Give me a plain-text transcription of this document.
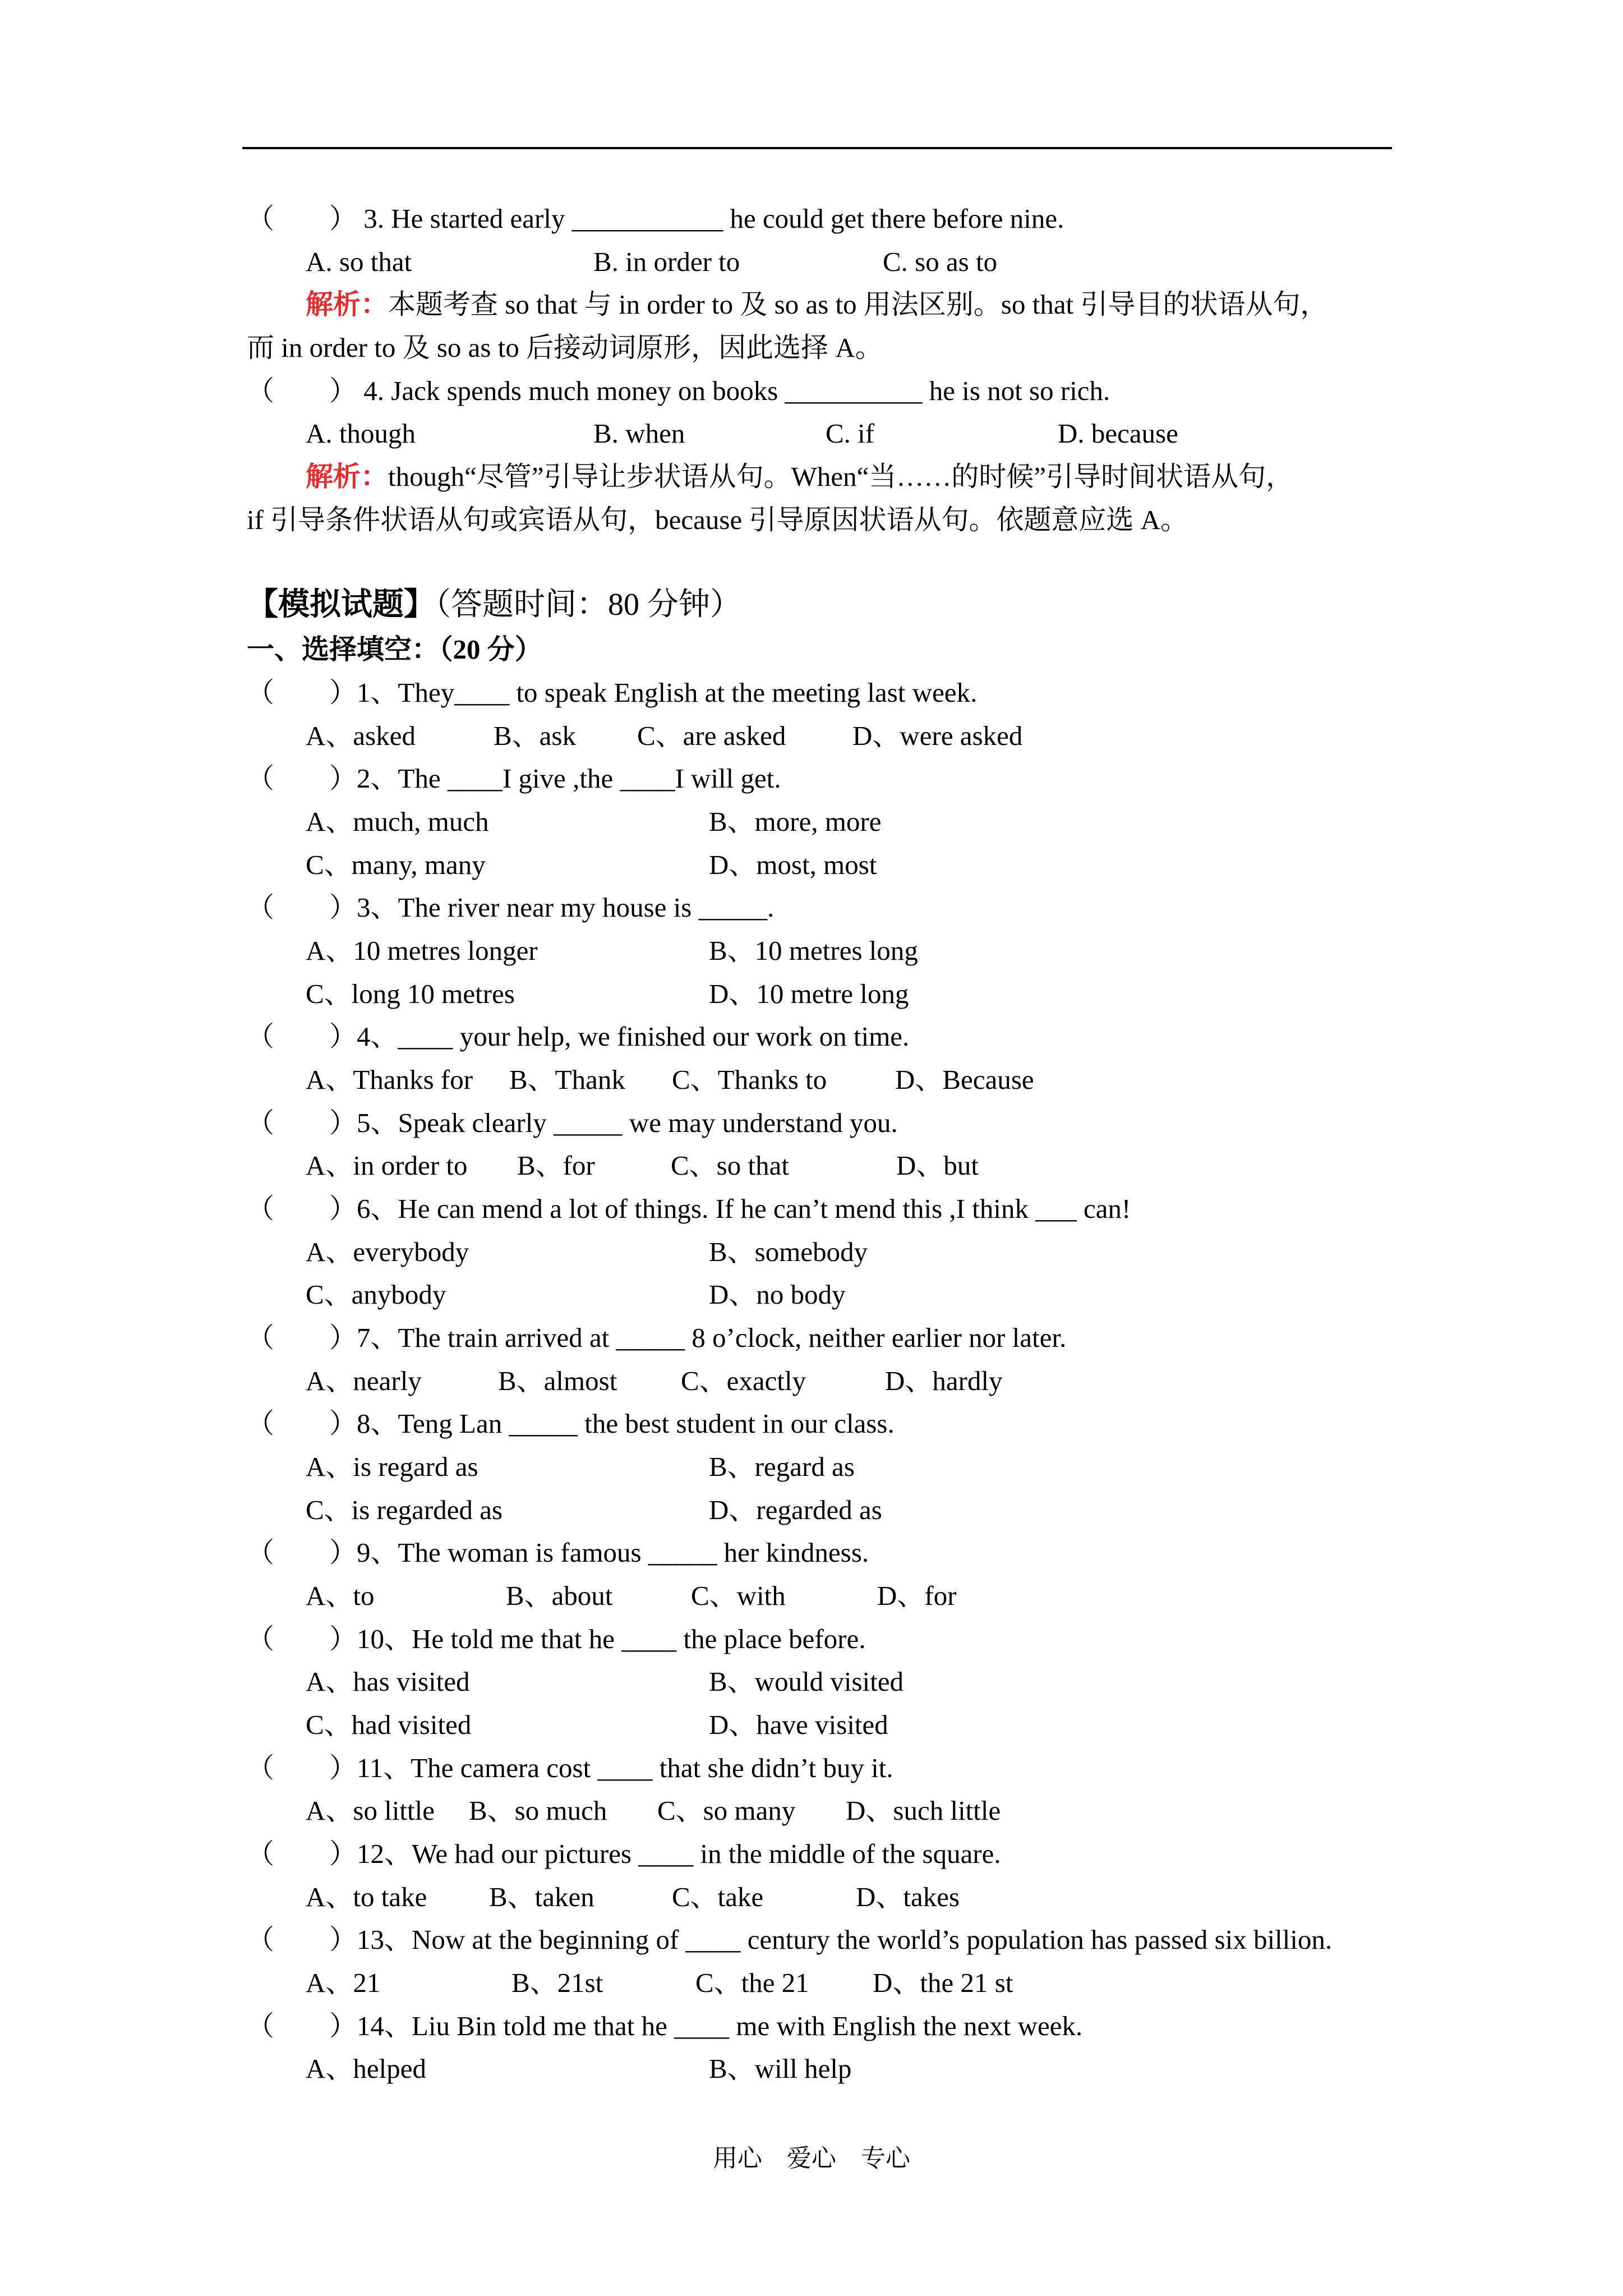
（　　） 3. He started early ___________ he could get there before nine.
A. so that	B. in order to	C. so as to
解析：本题考查 so that 与 in order to 及 so as to 用法区别。so that 引导目的状语从句，
而 in order to 及 so as to 后接动词原形，因此选择 A。
（　　） 4. Jack spends much money on books __________ he is not so rich.
A. though	B. when	C. if	D. because
解析：though“尽管”引导让步状语从句。When“当……的时候”引导时间状语从句，
if 引导条件状语从句或宾语从句，because 引导原因状语从句。依题意应选 A。
【模拟试题】（答题时间：80 分钟）
一、选择填空：（20 分）
（　　）1、They____ to speak English at the meeting last week.
A、asked	B、ask C、are asked D、were asked
（　　）2、The ____I give ,the ____I will get.
A、much, much	B、more, more
C、many, many	D、most, most
（　　）3、The river near my house is _____.
A、10 metres longer	B、10 metres long
C、long 10 metres	D、10 metre long
（　　）4、____ your help, we finished our work on time.
A、Thanks for B、Thank C、Thanks to D、Because
（　　）5、Speak clearly _____ we may understand you.
A、in order to B、for	C、so that	D、but
（　　）6、He can mend a lot of things. If he can’t mend this ,I think ___ can!
A、everybody	B、somebody
C、anybody	D、no body
（　　）7、The train arrived at _____ 8 o’clock, neither earlier nor later.
A、nearly	B、almost C、exactly	D、hardly
（　　）8、Teng Lan _____ the best student in our class.
A、is regard as	B、regard as
C、is regarded as	D、regarded as
（　　）9、The woman is famous _____ her kindness.
A、to	B、about	C、with	D、for
（　　）10、He told me that he ____ the place before.
A、has visited	B、would visited
C、had visited	D、have visited
（　　）11、The camera cost ____ that she didn’t buy it.
A、so little B、so much C、so many D、such little
（　　）12、We had our pictures ____ in the middle of the square.
A、to take B、taken	C、take	D、takes
（　　）13、Now at the beginning of ____ century the world’s population has passed six billion.
A、21	B、21st	C、the 21 D、the 21 st
（　　）14、Liu Bin told me that he ____ me with English the next week.
A、helped	B、will help
用心　爱心　专心
